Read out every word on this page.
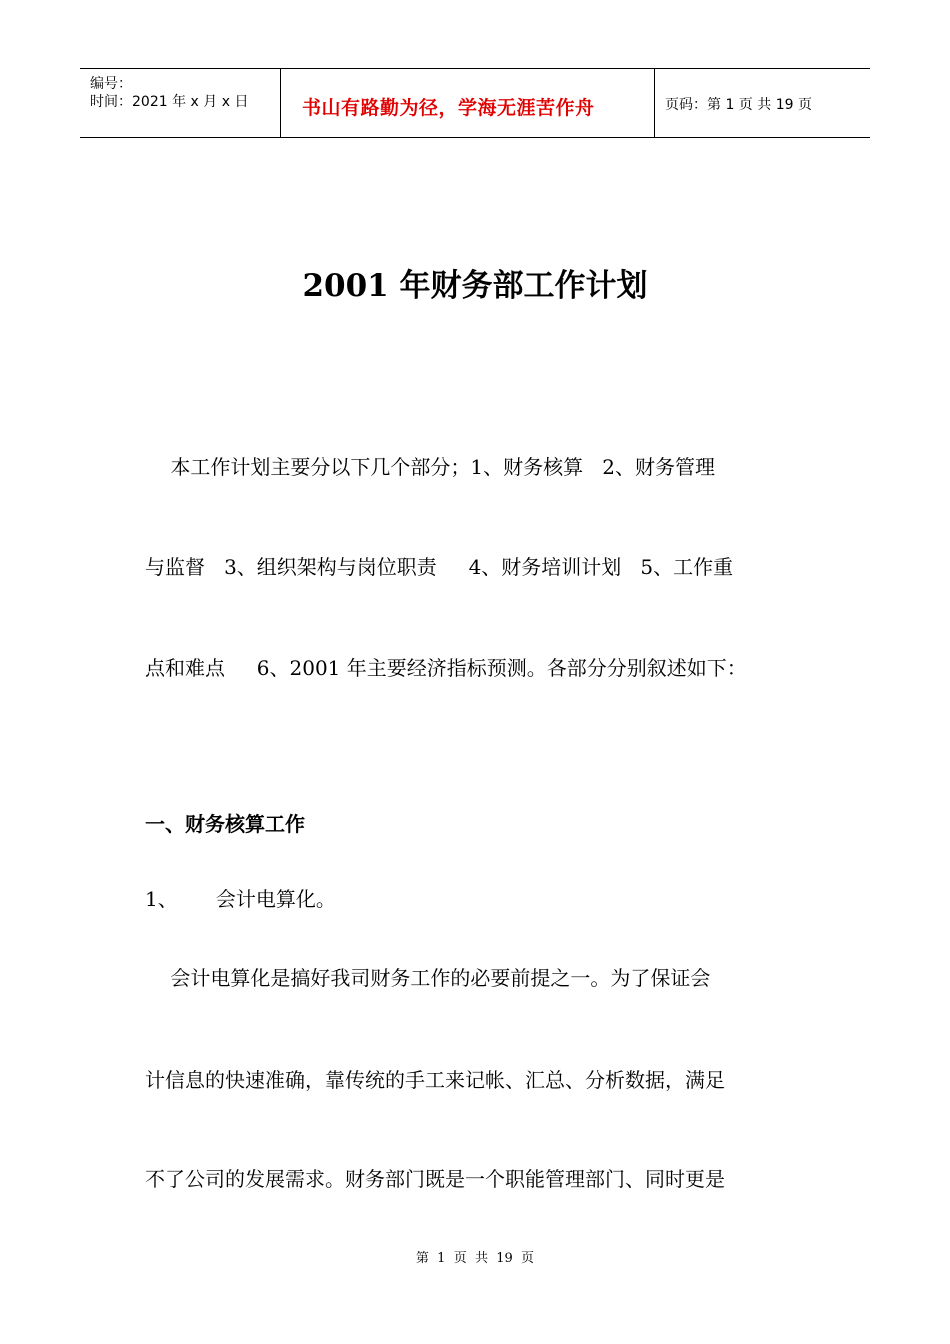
编号：
时间：2021 年 x 月 x 日	书山有路勤为径，学海无涯苦作舟	页码：第 1 页 共 19 页
2001 年财务部工作计划
本工作计划主要分以下几个部分；1、财务核算   2、财务管理
与监督   3、组织架构与岗位职责     4、财务培训计划   5、工作重
点和难点     6、2001 年主要经济指标预测。各部分分别叙述如下：
一、财务核算工作
1、      会计电算化。
会计电算化是搞好我司财务工作的必要前提之一。为了保证会
计信息的快速准确，靠传统的手工来记帐、汇总、分析数据，满足
不了公司的发展需求。财务部门既是一个职能管理部门、同时更是
第  1  页  共  19  页
